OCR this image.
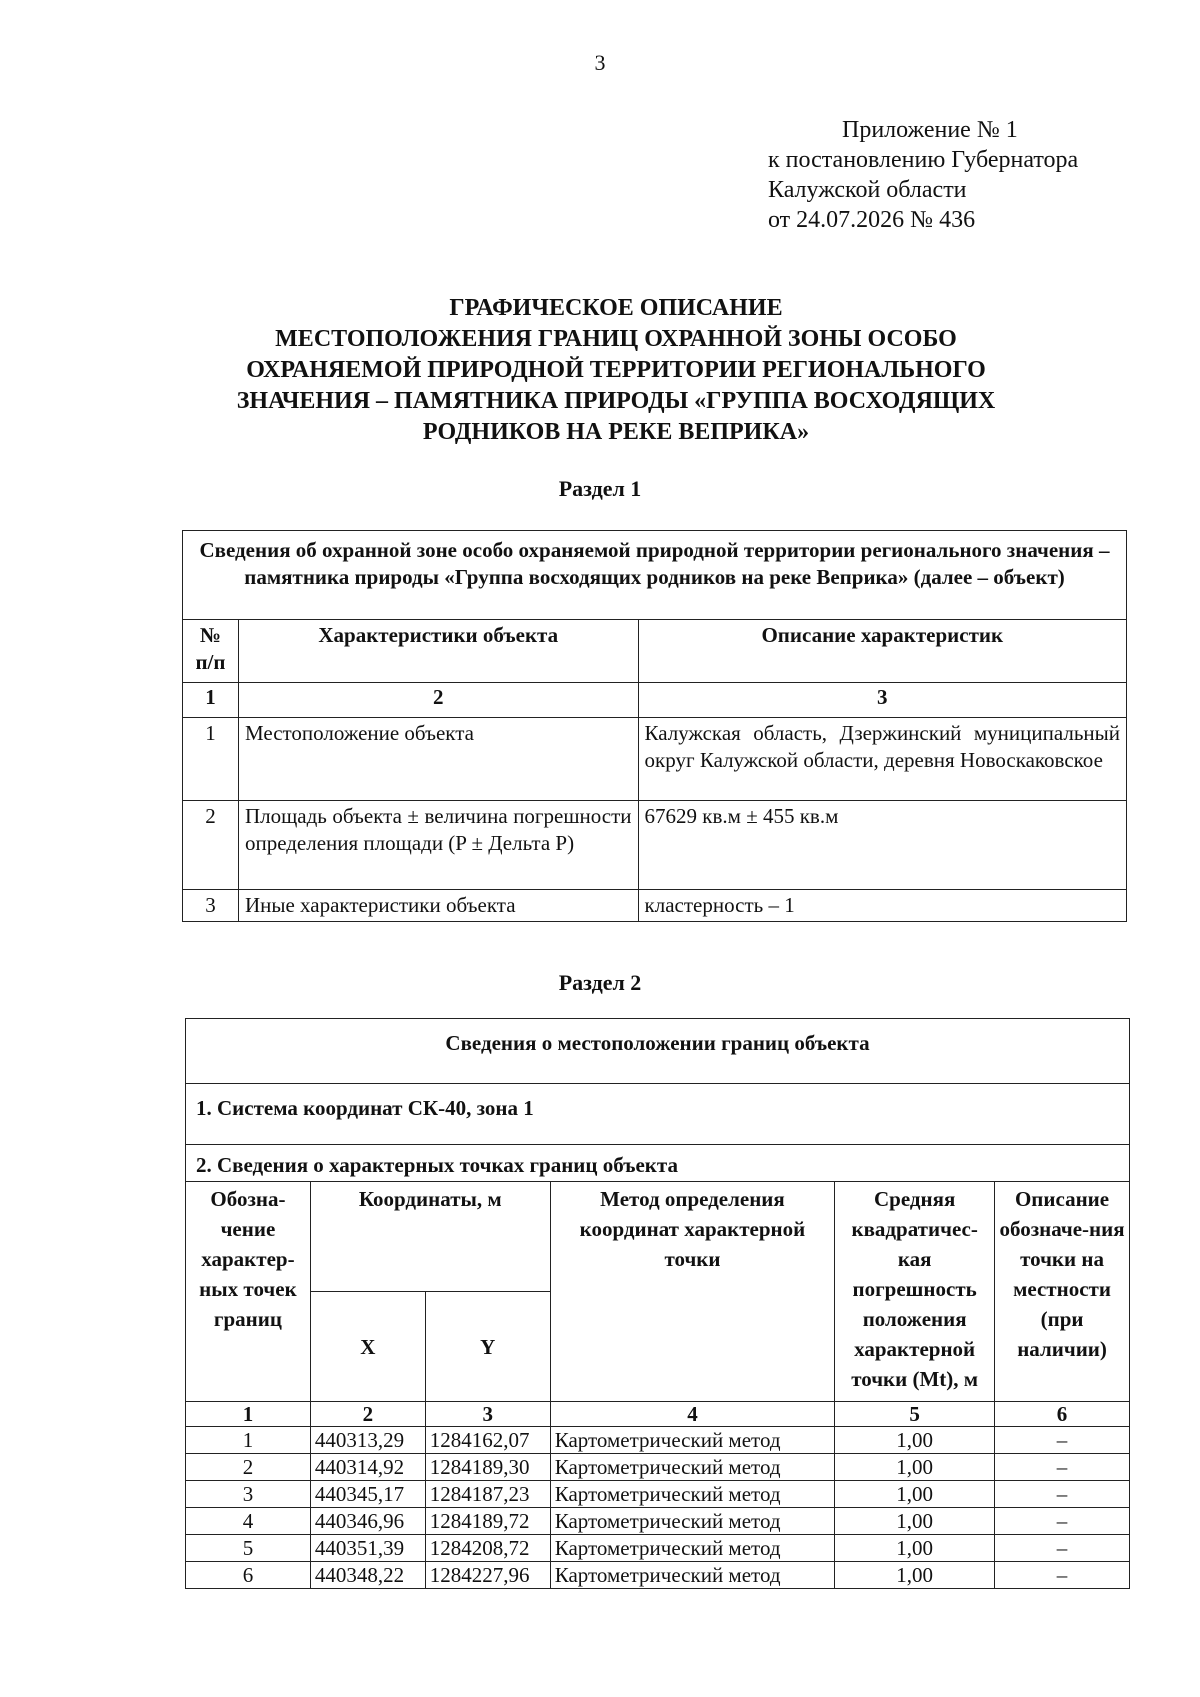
3
Приложение № 1
к постановлению Губернатора
Калужской области
от 24.07.2026 № 436
ГРАФИЧЕСКОЕ ОПИСАНИЕ
МЕСТОПОЛОЖЕНИЯ ГРАНИЦ ОХРАННОЙ ЗОНЫ ОСОБО
ОХРАНЯЕМОЙ ПРИРОДНОЙ ТЕРРИТОРИИ РЕГИОНАЛЬНОГО
ЗНАЧЕНИЯ – ПАМЯТНИКА ПРИРОДЫ «ГРУППА ВОСХОДЯЩИХ
РОДНИКОВ НА РЕКЕ ВЕПРИКА»
Раздел 1
Сведения об охранной зоне особо охраняемой природной территории регионального значения – памятника природы «Группа восходящих родников на реке Веприка» (далее – объект)		
№ п/п	Характеристики объекта	Описание характеристик
1	2	3
1	Местоположение объекта	Калужская область, Дзержинский муниципальный округ Калужской области, деревня Новоскаковское
2	Площадь объекта ± величина погрешности определения площади (P ± Дельта P)	67629 кв.м ± 455 кв.м
3	Иные характеристики объекта	кластерность – 1
Раздел 2
Сведения о местоположении границ объекта					
1. Система координат СК-40, зона 1					
2. Сведения о характерных точках границ объекта					
Обозна-чение характер-ных точек границ	Координаты, м		Метод определения координат характерной точки	Средняя квадратичес-кая погрешность положения характерной точки (Mt), м	Описание обозначе-ния точки на местности (при наличии)
	X	Y			
1	2	3	4	5	6
1	440313,29	1284162,07	Картометрический метод	1,00	–
2	440314,92	1284189,30	Картометрический метод	1,00	–
3	440345,17	1284187,23	Картометрический метод	1,00	–
4	440346,96	1284189,72	Картометрический метод	1,00	–
5	440351,39	1284208,72	Картометрический метод	1,00	–
6	440348,22	1284227,96	Картометрический метод	1,00	–
